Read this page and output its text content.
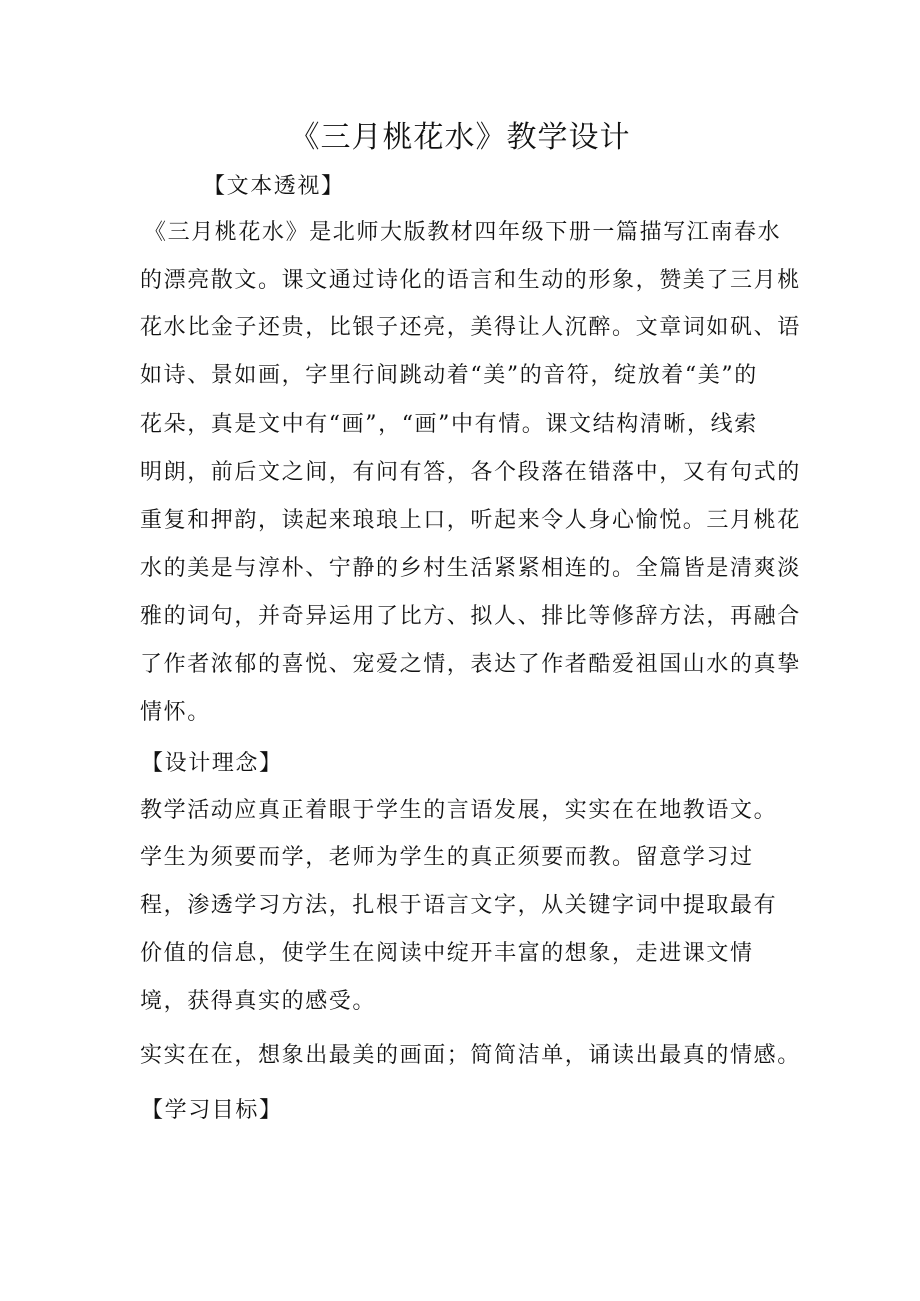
《三月桃花水》教学设计
【文本透视】
《三月桃花水》是北师大版教材四年级下册一篇描写江南春水
的漂亮散文。课文通过诗化的语言和生动的形象，赞美了三月桃
花水比金子还贵，比银子还亮，美得让人沉醉。文章词如矾、语
如诗、景如画，字里行间跳动着“美”的音符，绽放着“美”的
花朵，真是文中有“画”，“画”中有情。课文结构清晰，线索
明朗，前后文之间，有问有答，各个段落在错落中，又有句式的
重复和押韵，读起来琅琅上口，听起来令人身心愉悦。三月桃花
水的美是与淳朴、宁静的乡村生活紧紧相连的。全篇皆是清爽淡
雅的词句，并奇异运用了比方、拟人、排比等修辞方法，再融合
了作者浓郁的喜悦、宠爱之情，表达了作者酷爱祖国山水的真挚
情怀。
【设计理念】
教学活动应真正着眼于学生的言语发展，实实在在地教语文。
学生为须要而学，老师为学生的真正须要而教。留意学习过
程，渗透学习方法，扎根于语言文字，从关键字词中提取最有
价值的信息，使学生在阅读中绽开丰富的想象，走进课文情
境，获得真实的感受。
实实在在，想象出最美的画面；简简洁单，诵读出最真的情感。
【学习目标】
